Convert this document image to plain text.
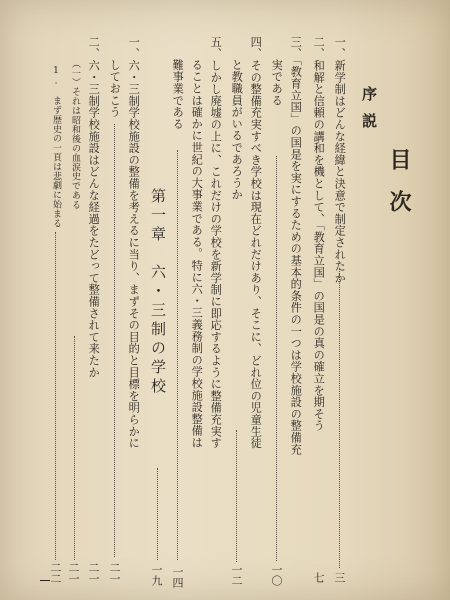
目次
序説
一、新学制はどんな経緯と決意で制定されたか
三
二、和解と信頼の講和を機として、「教育立国」の国是の真の確立を期そう
七
三、「教育立国」の国是を実にするための基本的条件の一つは学校施設の整備充
実である
一〇
四、その整備充実すべき学校は現在どれだけあり、そこに、どれ位の児童生徒
と教職員がいるであろうか
一二
五、しかし廃墟の上に、これだけの学校を新学制に即応するように整備充実す
ることは確かに世紀の大事業である。特に六・三義務制の学校施設整備は
難事業である
一四
第一章　六・三制の学校
一九
一、六・三制学校施設の整備を考えるに当り、まずその目的と目標を明らかに
しておこう
二一
二、六・三制学校施設はどんな経過をたどって整備されて来たか
二一
（一）それは昭和後の血涙史である
二一
1.　まず歴史の一頁は悲劇に始まる
二二
